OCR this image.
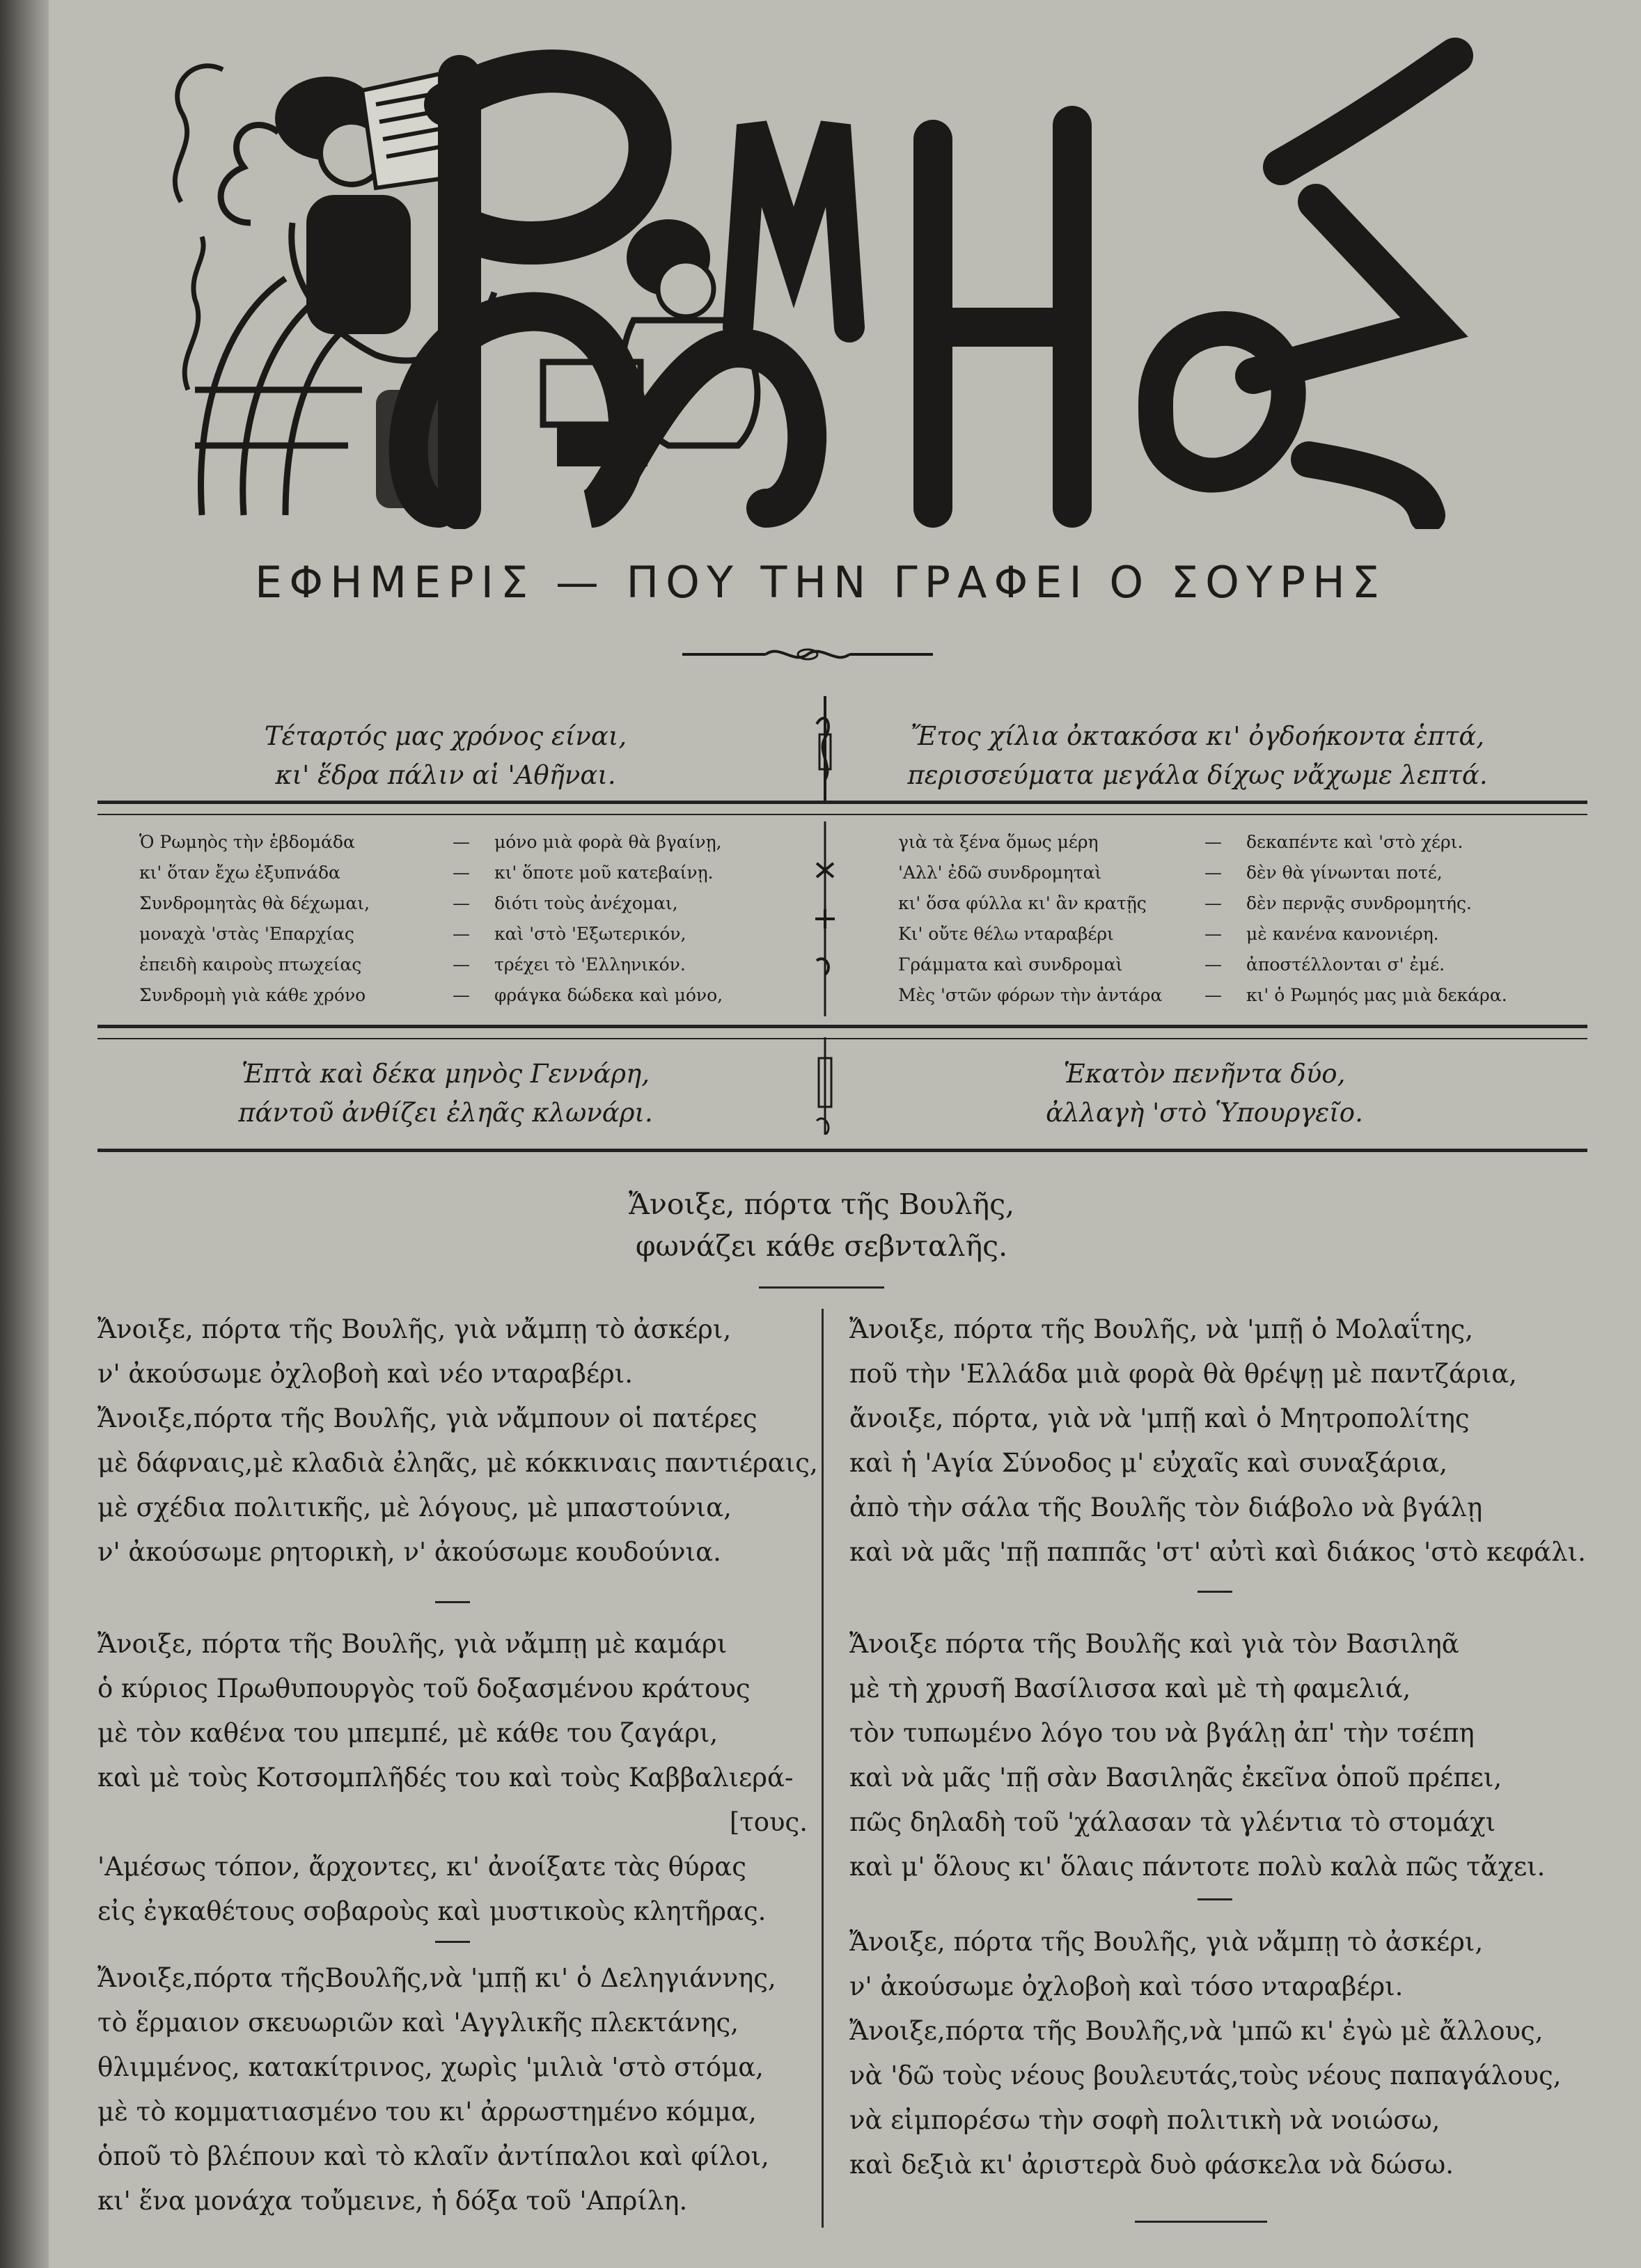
ΕΦΗΜΕΡΙΣ — ΠΟΥ ΤΗΝ ΓΡΑΦΕΙ Ο ΣΟΥΡΗΣ
Τέταρτός μας χρόνος είναι,
κι' ἕδρα πάλιν αἱ 'Αθῆναι.
Ἔτος χίλια ὀκτακόσα κι' ὀγδοήκοντα ἑπτά,
περισσεύματα μεγάλα δίχως νἄχωμε λεπτά.
Ὁ Ρωμηὸς τὴν ἑβδομάδα	— μόνο μιὰ φορὰ θὰ βγαίνῃ,
κι' ὅταν ἔχω ἐξυπνάδα	— κι' ὅποτε μοῦ κατεβαίνῃ.
Συνδρομητὰς θὰ δέχωμαι,	— διότι τοὺς ἀνέχομαι,
μοναχὰ 'στὰς 'Επαρχίας	— καὶ 'στὸ 'Εξωτερικόν,
ἐπειδὴ καιροὺς πτωχείας	— τρέχει τὸ 'Ελληνικόν.
Συνδρομὴ γιὰ κάθε χρόνο	— φράγκα δώδεκα καὶ μόνο,
γιὰ τὰ ξένα ὅμως μέρη	— δεκαπέντε καὶ 'στὸ χέρι.
'Αλλ' ἐδῶ συνδρομηταὶ	— δὲν θὰ γίνωνται ποτέ,
κι' ὅσα φύλλα κι' ἂν κρατῇς	— δὲν περνᾷς συνδρομητής.
Κι' οὔτε θέλω νταραβέρι	— μὲ κανένα κανονιέρη.
Γράμματα καὶ συνδρομαὶ	— ἀποστέλλονται σ' ἐμέ.
Μὲς 'στῶν φόρων τὴν ἀντάρα — κι' ὁ Ρωμηός μας μιὰ δεκάρα.
Ἑπτὰ καὶ δέκα μηνὸς Γεννάρη,
πάντοῦ ἀνθίζει ἐληᾶς κλωνάρι.
Ἑκατὸν πενῆντα δύο,
ἀλλαγὴ 'στὸ Ὑπουργεῖο.
Ἄνοιξε, πόρτα τῆς Βουλῆς,
φωνάζει κάθε σεβνταλῆς.

Ἄνοιξε, πόρτα τῆς Βουλῆς, γιὰ νἄμπῃ τὸ ἀσκέρι,

ν' ἀκούσωμε ὀχλοβοὴ καὶ νέο νταραβέρι.

Ἄνοιξε,πόρτα τῆς Βουλῆς, γιὰ νἄμπουν οἱ πατέρες

μὲ δάφναις,μὲ κλαδιὰ ἐληᾶς, μὲ κόκκιναις παντιέραις,

μὲ σχέδια πολιτικῆς, μὲ λόγους, μὲ μπαστούνια,

ν' ἀκούσωμε ρητορικὴ, ν' ἀκούσωμε κουδούνια.

Ἄνοιξε, πόρτα τῆς Βουλῆς, γιὰ νἄμπῃ μὲ καμάρι

ὁ κύριος Πρωθυπουργὸς τοῦ δοξασμένου κράτους

μὲ τὸν καθένα του μπεμπέ, μὲ κάθε του ζαγάρι,

καὶ μὲ τοὺς Κοτσομπλῆδές του καὶ τοὺς Καββαλιερά-

[τους.

'Αμέσως τόπον, ἄρχοντες, κι' ἀνοίξατε τὰς θύρας

εἰς ἐγκαθέτους σοβαροὺς καὶ μυστικοὺς κλητῆρας.

Ἄνοιξε,πόρτα τῆςΒουλῆς,νὰ 'μπῇ κι' ὁ Δεληγιάννης,

τὸ ἕρμαιον σκευωριῶν καὶ 'Αγγλικῆς πλεκτάνης,

θλιμμένος, κατακίτρινος, χωρὶς 'μιλιὰ 'στὸ στόμα,

μὲ τὸ κομματιασμένο του κι' ἀρρωστημένο κόμμα,

ὁποῦ τὸ βλέπουν καὶ τὸ κλαῖν ἀντίπαλοι καὶ φίλοι,

κι' ἕνα μονάχα τοὔμεινε, ἡ δόξα τοῦ 'Απρίλη.

Ἄνοιξε, πόρτα τῆς Βουλῆς, νὰ 'μπῇ ὁ Μολαΐτης,

ποῦ τὴν 'Ελλάδα μιὰ φορὰ θὰ θρέψῃ μὲ παντζάρια,

ἄνοιξε, πόρτα, γιὰ νὰ 'μπῇ καὶ ὁ Μητροπολίτης

καὶ ἡ 'Αγία Σύνοδος μ' εὐχαῖς καὶ συναξάρια,

ἀπὸ τὴν σάλα τῆς Βουλῆς τὸν διάβολο νὰ βγάλῃ

καὶ νὰ μᾶς 'πῇ παππᾶς 'στ' αὐτὶ καὶ διάκος 'στὸ κεφάλι.

Ἄνοιξε πόρτα τῆς Βουλῆς καὶ γιὰ τὸν Βασιληᾶ

μὲ τὴ χρυσῆ Βασίλισσα καὶ μὲ τὴ φαμελιά,

τὸν τυπωμένο λόγο του νὰ βγάλῃ ἀπ' τὴν τσέπη

καὶ νὰ μᾶς 'πῇ σὰν Βασιληᾶς ἐκεῖνα ὁποῦ πρέπει,

πῶς δηλαδὴ τοῦ 'χάλασαν τὰ γλέντια τὸ στομάχι

καὶ μ' ὅλους κι' ὅλαις πάντοτε πολὺ καλὰ πῶς τἄχει.

Ἄνοιξε, πόρτα τῆς Βουλῆς, γιὰ νἄμπῃ τὸ ἀσκέρι,

ν' ἀκούσωμε ὀχλοβοὴ καὶ τόσο νταραβέρι.

Ἄνοιξε,πόρτα τῆς Βουλῆς,νὰ 'μπῶ κι' ἐγὼ μὲ ἄλλους,

νὰ 'δῶ τοὺς νέους βουλευτάς,τοὺς νέους παπαγάλους,

νὰ εἰμπορέσω τὴν σοφὴ πολιτικὴ νὰ νοιώσω,

καὶ δεξιὰ κι' ἀριστερὰ δυὸ φάσκελα νὰ δώσω.
